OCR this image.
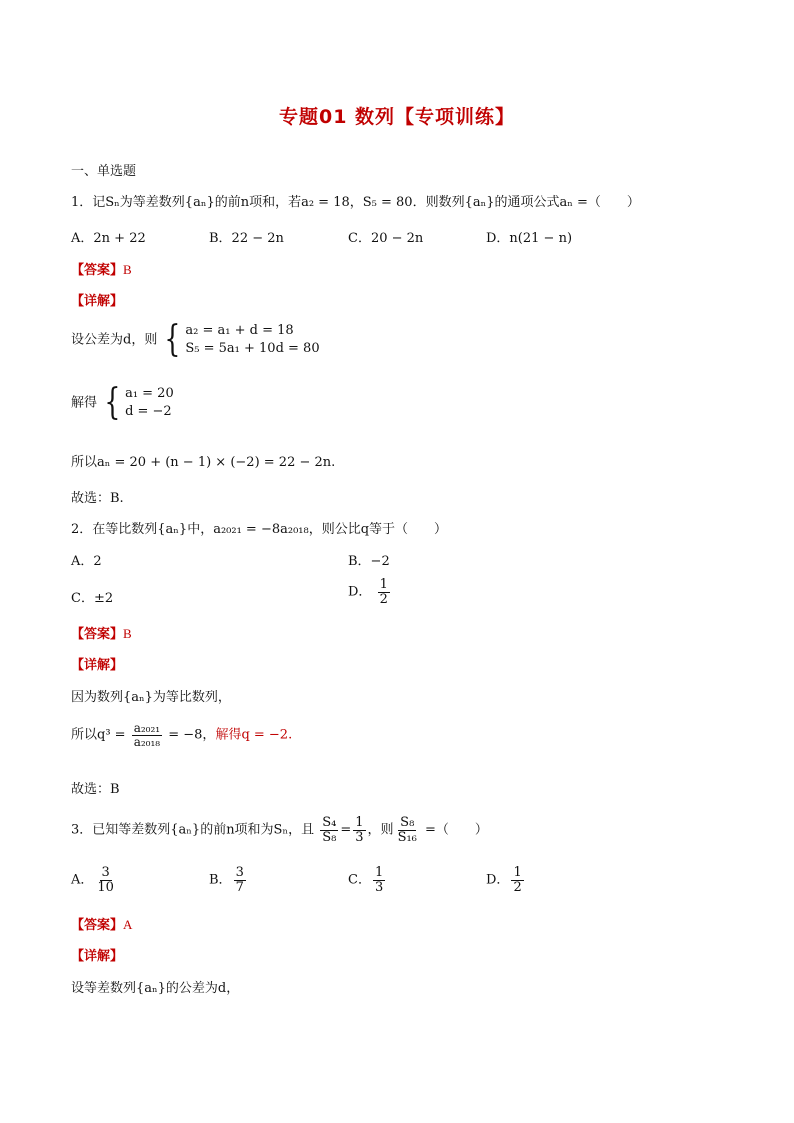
专题01 数列【专项训练】
一、单选题
1．记Sₙ为等差数列{aₙ}的前n项和，若a₂ = 18，S₅ = 80．则数列{aₙ}的通项公式aₙ =（　　）
A．2n + 22	B．22 − 2n	C．20 − 2n	D．n(21 − n)
【答案】B
【详解】
设公差为d，则 { a₂ = a₁ + d = 18
S₅ = 5a₁ + 10d = 80
解得 { a₁ = 20
d = −2
所以aₙ = 20 + (n − 1) × (−2) = 22 − 2n.
故选：B.
2．在等比数列{aₙ}中，a₂₀₂₁ = −8a₂₀₁₈，则公比q等于（　　）
A．2	B．−2
C．±2	D． $\frac{1}{2}$
【答案】B
【详解】
因为数列{aₙ}为等比数列，
所以$q^3 = \frac{\text{a₂₀₂₁}}{\text{a₂₀₁₈}} = -8$，解得q = −2.
故选：B
3．已知等差数列{aₙ}的前n项和为Sₙ，且 $\frac{\text{S₄}}{\text{S₈}} = \frac{1}{3}$ ，则 $\frac{\text{S₈}}{\text{S₁₆}}$ =（　　）
A． $\frac{3}{10}$	B． $\frac{3}{7}$	C． $\frac{1}{3}$	D． $\frac{1}{2}$
【答案】A
【详解】
设等差数列{aₙ}的公差为d，
